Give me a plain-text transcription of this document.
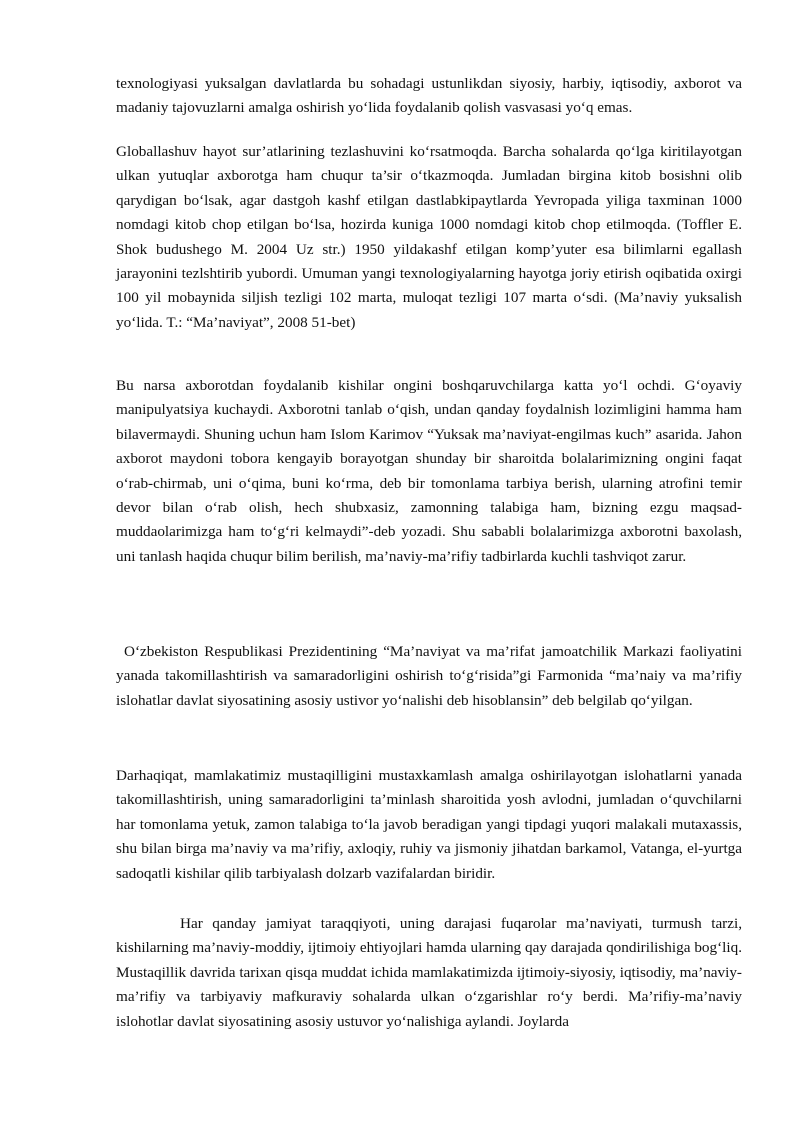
texnologiyasi yuksalgan davlatlarda bu sohadagi ustunlikdan siyosiy, harbiy, iqtisodiy, axborot va madaniy tajovuzlarni amalga oshirish yo‘lida foydalanib qolish vasvasasi yo‘q emas.

Globallashuv hayot sur’atlarining tezlashuvini ko‘rsatmoqda. Barcha sohalarda qo‘lga kiritilayotgan ulkan yutuqlar axborotga ham chuqur ta’sir o‘tkazmoqda. Jumladan birgina kitob bosishni olib qarydigan bo‘lsak, agar dastgoh kashf etilgan dastlabkipaytlarda Yevropada yiliga taxminan 1000 nomdagi kitob chop etilgan bo‘lsa, hozirda kuniga 1000 nomdagi kitob chop etilmoqda. (Toffler E. Shok budushego M. 2004 Uz str.) 1950 yildakashf etilgan komp’yuter esa bilimlarni egallash jarayonini tezlshtirib yubordi. Umuman yangi texnologiyalarning hayotga joriy etirish oqibatida oxirgi 100 yil mobaynida siljish tezligi 102 marta, muloqat tezligi 107 marta o‘sdi. (Ma’naviy yuksalish yo‘lida. T.: “Ma’naviyat”, 2008 51-bet)

Bu narsa axborotdan foydalanib kishilar ongini boshqaruvchilarga katta yo‘l ochdi. G‘oyaviy manipulyatsiya kuchaydi. Axborotni tanlab o‘qish, undan qanday foydalnish lozimligini hamma ham bilavermaydi. Shuning uchun ham Islom Karimov “Yuksak ma’naviyat-engilmas kuch” asarida. Jahon axborot maydoni tobora kengayib borayotgan shunday bir sharoitda bolalarimizning ongini faqat o‘rab-chirmab, uni o‘qima, buni ko‘rma, deb bir tomonlama tarbiya berish, ularning atrofini temir devor bilan o‘rab olish, hech shubxasiz, zamonning talabiga ham, bizning ezgu maqsad-muddaolarimizga ham to‘g‘ri kelmaydi”-deb yozadi. Shu sababli bolalarimizga axborotni baxolash, uni tanlash haqida chuqur bilim berilish, ma’naviy-ma’rifiy tadbirlarda kuchli tashviqot zarur.

O‘zbekiston Respublikasi Prezidentining “Ma’naviyat va ma’rifat jamoatchilik Markazi faoliyatini yanada takomillashtirish va samaradorligini oshirish to‘g‘risida”gi Farmonida “ma’naiy va ma’rifiy islohatlar davlat siyosatining asosiy ustivor yo‘nalishi deb hisoblansin” deb belgilab qo‘yilgan.

Darhaqiqat, mamlakatimiz mustaqilligini mustaxkamlash amalga oshirilayotgan islohatlarni yanada takomillashtirish, uning samaradorligini ta’minlash sharoitida yosh avlodni, jumladan o‘quvchilarni har tomonlama yetuk, zamon talabiga to‘la javob beradigan yangi tipdagi yuqori malakali mutaxassis, shu bilan birga ma’naviy va ma’rifiy, axloqiy, ruhiy va jismoniy jihatdan barkamol, Vatanga, el-yurtga sadoqatli kishilar qilib tarbiyalash dolzarb vazifalardan biridir.

Har qanday jamiyat taraqqiyoti, uning darajasi fuqarolar ma’naviyati, turmush tarzi, kishilarning ma’naviy-moddiy, ijtimoiy ehtiyojlari hamda ularning qay darajada qondirilishiga bog‘liq. Mustaqillik davrida tarixan qisqa muddat ichida mamlakatimizda ijtimoiy-siyosiy, iqtisodiy, ma’naviy-ma’rifiy va tarbiyaviy mafkuraviy sohalarda ulkan o‘zgarishlar ro‘y berdi. Ma’rifiy-ma’naviy islohotlar davlat siyosatining asosiy ustuvor yo‘nalishiga aylandi. Joylarda
